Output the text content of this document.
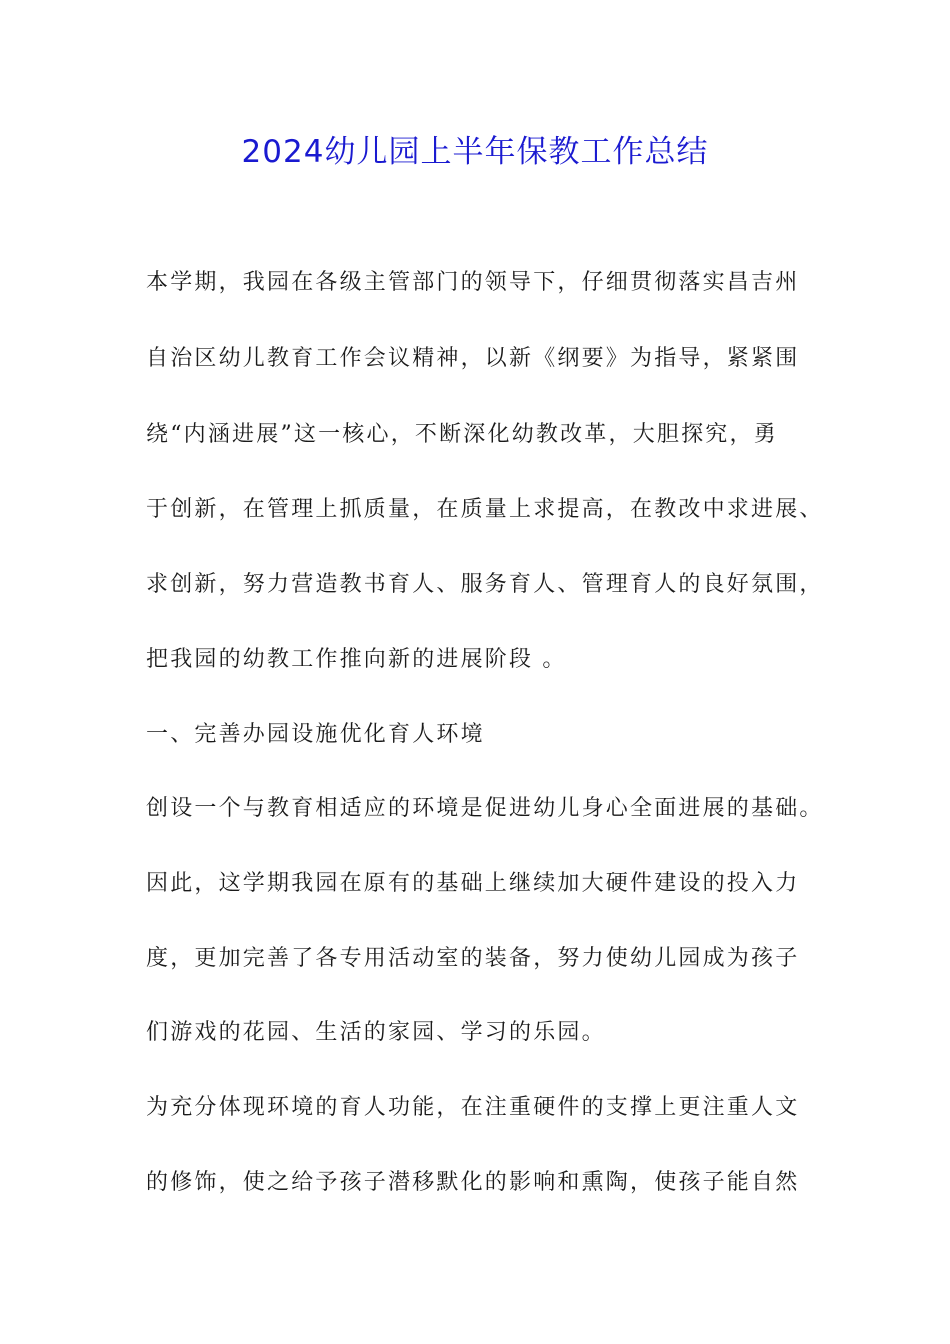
2024幼儿园上半年保教工作总结
本学期，我园在各级主管部门的领导下，仔细贯彻落实昌吉州
自治区幼儿教育工作会议精神，以新《纲要》为指导，紧紧围
绕“内涵进展”这一核心，不断深化幼教改革，大胆探究，勇
于创新，在管理上抓质量，在质量上求提高，在教改中求进展、
求创新，努力营造教书育人、服务育人、管理育人的良好氛围，
把我园的幼教工作推向新的进展阶段 。
一、完善办园设施优化育人环境
创设一个与教育相适应的环境是促进幼儿身心全面进展的基础。
因此，这学期我园在原有的基础上继续加大硬件建设的投入力
度，更加完善了各专用活动室的装备，努力使幼儿园成为孩子
们游戏的花园、生活的家园、学习的乐园。
为充分体现环境的育人功能，在注重硬件的支撑上更注重人文
的修饰，使之给予孩子潜移默化的影响和熏陶，使孩子能自然
